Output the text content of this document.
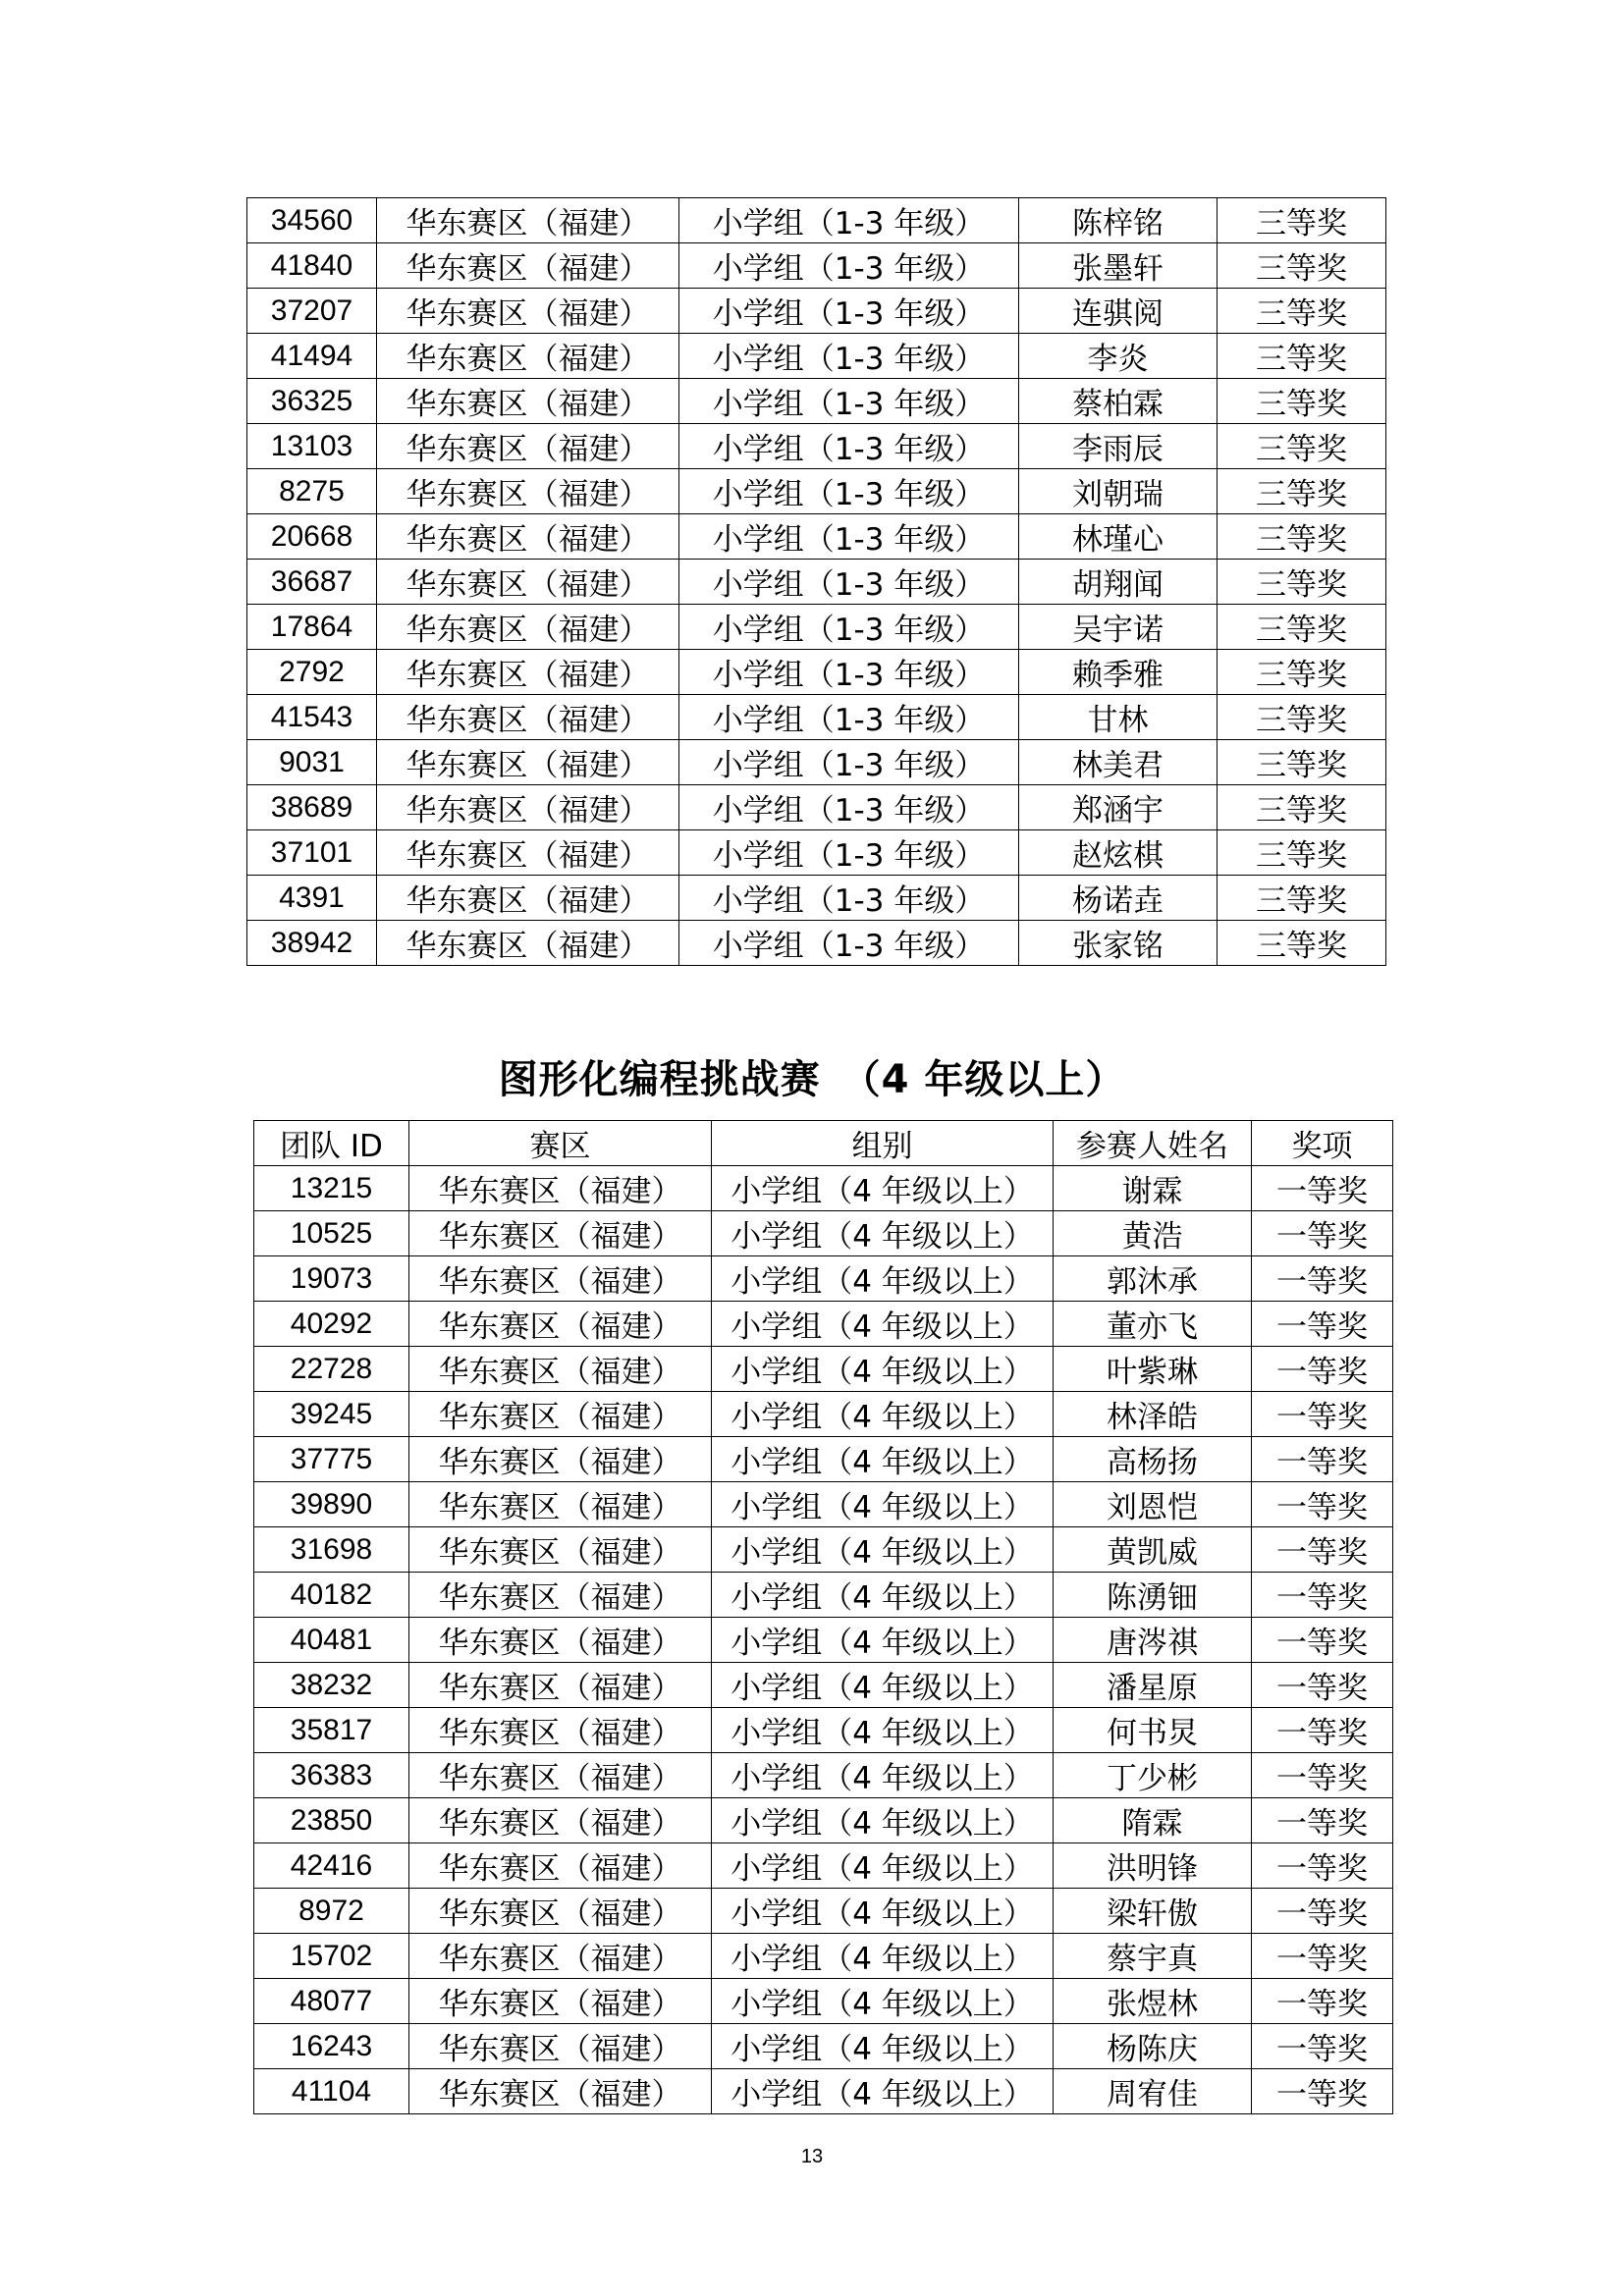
34560	华东赛区（福建）	小学组（1-3 年级）	陈梓铭	三等奖
41840	华东赛区（福建）	小学组（1-3 年级）	张墨轩	三等奖
37207	华东赛区（福建）	小学组（1-3 年级）	连骐阅	三等奖
41494	华东赛区（福建）	小学组（1-3 年级）	李炎	三等奖
36325	华东赛区（福建）	小学组（1-3 年级）	蔡柏霖	三等奖
13103	华东赛区（福建）	小学组（1-3 年级）	李雨辰	三等奖
8275	华东赛区（福建）	小学组（1-3 年级）	刘朝瑞	三等奖
20668	华东赛区（福建）	小学组（1-3 年级）	林瑾心	三等奖
36687	华东赛区（福建）	小学组（1-3 年级）	胡翔闻	三等奖
17864	华东赛区（福建）	小学组（1-3 年级）	吴宇诺	三等奖
2792	华东赛区（福建）	小学组（1-3 年级）	赖季雅	三等奖
41543	华东赛区（福建）	小学组（1-3 年级）	甘林	三等奖
9031	华东赛区（福建）	小学组（1-3 年级）	林美君	三等奖
38689	华东赛区（福建）	小学组（1-3 年级）	郑涵宇	三等奖
37101	华东赛区（福建）	小学组（1-3 年级）	赵炫棋	三等奖
4391	华东赛区（福建）	小学组（1-3 年级）	杨诺垚	三等奖
38942	华东赛区（福建）	小学组（1-3 年级）	张家铭	三等奖
图形化编程挑战赛　（4 年级以上）
团队 ID	赛区	组别	参赛人姓名	奖项
13215	华东赛区（福建）	小学组（4 年级以上）	谢霖	一等奖
10525	华东赛区（福建）	小学组（4 年级以上）	黄浩	一等奖
19073	华东赛区（福建）	小学组（4 年级以上）	郭沐承	一等奖
40292	华东赛区（福建）	小学组（4 年级以上）	董亦飞	一等奖
22728	华东赛区（福建）	小学组（4 年级以上）	叶紫琳	一等奖
39245	华东赛区（福建）	小学组（4 年级以上）	林泽皓	一等奖
37775	华东赛区（福建）	小学组（4 年级以上）	高杨扬	一等奖
39890	华东赛区（福建）	小学组（4 年级以上）	刘恩恺	一等奖
31698	华东赛区（福建）	小学组（4 年级以上）	黄凯威	一等奖
40182	华东赛区（福建）	小学组（4 年级以上）	陈湧钿	一等奖
40481	华东赛区（福建）	小学组（4 年级以上）	唐涔祺	一等奖
38232	华东赛区（福建）	小学组（4 年级以上）	潘星原	一等奖
35817	华东赛区（福建）	小学组（4 年级以上）	何书炅	一等奖
36383	华东赛区（福建）	小学组（4 年级以上）	丁少彬	一等奖
23850	华东赛区（福建）	小学组（4 年级以上）	隋霖	一等奖
42416	华东赛区（福建）	小学组（4 年级以上）	洪明锋	一等奖
8972	华东赛区（福建）	小学组（4 年级以上）	梁轩傲	一等奖
15702	华东赛区（福建）	小学组（4 年级以上）	蔡宇真	一等奖
48077	华东赛区（福建）	小学组（4 年级以上）	张煜林	一等奖
16243	华东赛区（福建）	小学组（4 年级以上）	杨陈庆	一等奖
41104	华东赛区（福建）	小学组（4 年级以上）	周宥佳	一等奖
13
